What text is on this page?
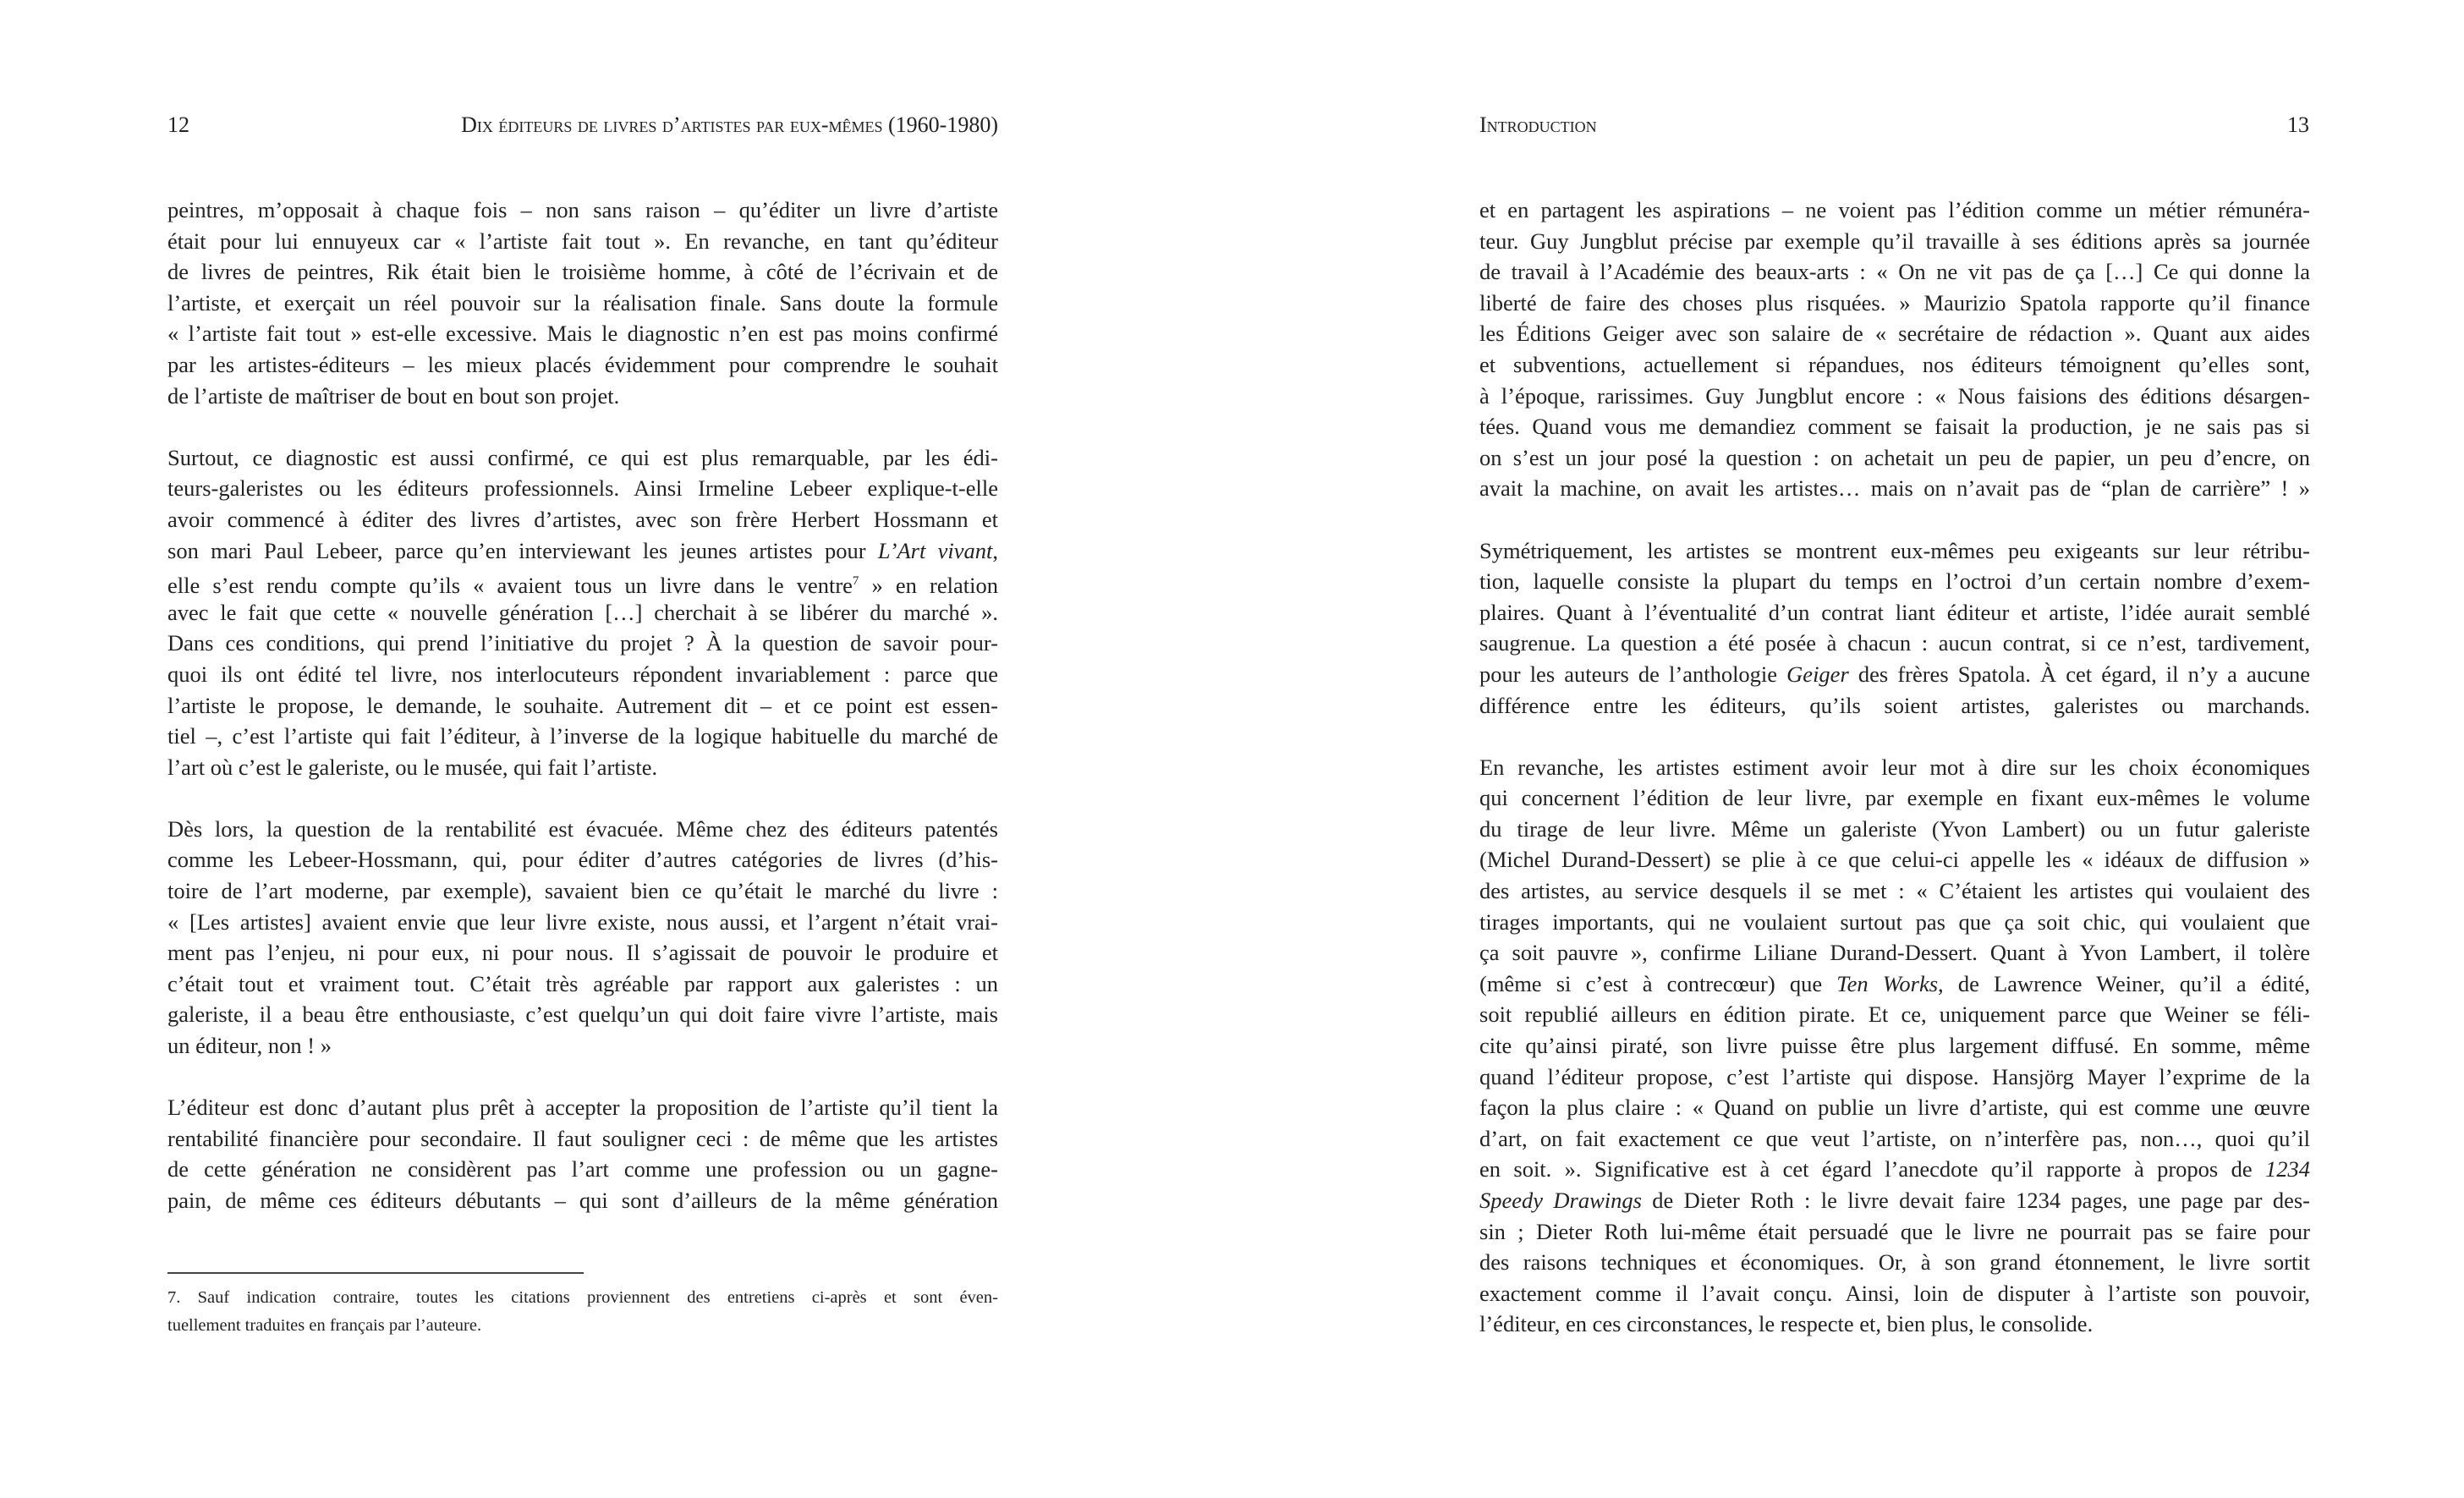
12	Dix éditeurs de livres d’artistes par eux-mêmes (1960-1980)
peintres, m’opposait à chaque fois – non sans raison – qu’éditer un livre d’artiste
était pour lui ennuyeux car « l’artiste fait tout ». En revanche, en tant qu’éditeur
de livres de peintres, Rik était bien le troisième homme, à côté de l’écrivain et de
l’artiste, et exerçait un réel pouvoir sur la réalisation finale. Sans doute la formule
« l’artiste fait tout » est-elle excessive. Mais le diagnostic n’en est pas moins confirmé
par les artistes-éditeurs – les mieux placés évidemment pour comprendre le souhait
de l’artiste de maîtriser de bout en bout son projet.
Surtout, ce diagnostic est aussi confirmé, ce qui est plus remarquable, par les édi-
teurs-galeristes ou les éditeurs professionnels. Ainsi Irmeline Lebeer explique-t-elle
avoir commencé à éditer des livres d’artistes, avec son frère Herbert Hossmann et
son mari Paul Lebeer, parce qu’en interviewant les jeunes artistes pour L’Art vivant,
elle s’est rendu compte qu’ils « avaient tous un livre dans le ventre$^7$ » en relation
avec le fait que cette « nouvelle génération […] cherchait à se libérer du marché ».
Dans ces conditions, qui prend l’initiative du projet ? À la question de savoir pour-
quoi ils ont édité tel livre, nos interlocuteurs répondent invariablement : parce que
l’artiste le propose, le demande, le souhaite. Autrement dit – et ce point est essen-
tiel –, c’est l’artiste qui fait l’éditeur, à l’inverse de la logique habituelle du marché de
l’art où c’est le galeriste, ou le musée, qui fait l’artiste.
Dès lors, la question de la rentabilité est évacuée. Même chez des éditeurs patentés
comme les Lebeer-Hossmann, qui, pour éditer d’autres catégories de livres (d’his-
toire de l’art moderne, par exemple), savaient bien ce qu’était le marché du livre :
« [Les artistes] avaient envie que leur livre existe, nous aussi, et l’argent n’était vrai-
ment pas l’enjeu, ni pour eux, ni pour nous. Il s’agissait de pouvoir le produire et
c’était tout et vraiment tout. C’était très agréable par rapport aux galeristes : un
galeriste, il a beau être enthousiaste, c’est quelqu’un qui doit faire vivre l’artiste, mais
un éditeur, non ! »
L’éditeur est donc d’autant plus prêt à accepter la proposition de l’artiste qu’il tient la
rentabilité financière pour secondaire. Il faut souligner ceci : de même que les artistes
de cette génération ne considèrent pas l’art comme une profession ou un gagne-
pain, de même ces éditeurs débutants – qui sont d’ailleurs de la même génération
7. Sauf indication contraire, toutes les citations proviennent des entretiens ci-après et sont éven-
tuellement traduites en français par l’auteure.
Introduction	13
et en partagent les aspirations – ne voient pas l’édition comme un métier rémunéra-
teur. Guy Jungblut précise par exemple qu’il travaille à ses éditions après sa journée
de travail à l’Académie des beaux-arts : « On ne vit pas de ça […] Ce qui donne la
liberté de faire des choses plus risquées. » Maurizio Spatola rapporte qu’il finance
les Éditions Geiger avec son salaire de « secrétaire de rédaction ». Quant aux aides
et subventions, actuellement si répandues, nos éditeurs témoignent qu’elles sont,
à l’époque, rarissimes. Guy Jungblut encore : « Nous faisions des éditions désargen-
tées. Quand vous me demandiez comment se faisait la production, je ne sais pas si
on s’est un jour posé la question : on achetait un peu de papier, un peu d’encre, on
avait la machine, on avait les artistes… mais on n’avait pas de “plan de carrière” ! »
Symétriquement, les artistes se montrent eux-mêmes peu exigeants sur leur rétribu-
tion, laquelle consiste la plupart du temps en l’octroi d’un certain nombre d’exem-
plaires. Quant à l’éventualité d’un contrat liant éditeur et artiste, l’idée aurait semblé
saugrenue. La question a été posée à chacun : aucun contrat, si ce n’est, tardivement,
pour les auteurs de l’anthologie Geiger des frères Spatola. À cet égard, il n’y a aucune
différence entre les éditeurs, qu’ils soient artistes, galeristes ou marchands.
En revanche, les artistes estiment avoir leur mot à dire sur les choix économiques
qui concernent l’édition de leur livre, par exemple en fixant eux-mêmes le volume
du tirage de leur livre. Même un galeriste (Yvon Lambert) ou un futur galeriste
(Michel Durand-Dessert) se plie à ce que celui-ci appelle les « idéaux de diffusion »
des artistes, au service desquels il se met : « C’étaient les artistes qui voulaient des
tirages importants, qui ne voulaient surtout pas que ça soit chic, qui voulaient que
ça soit pauvre », confirme Liliane Durand-Dessert. Quant à Yvon Lambert, il tolère
(même si c’est à contrecœur) que Ten Works, de Lawrence Weiner, qu’il a édité,
soit republié ailleurs en édition pirate. Et ce, uniquement parce que Weiner se féli-
cite qu’ainsi piraté, son livre puisse être plus largement diffusé. En somme, même
quand l’éditeur propose, c’est l’artiste qui dispose. Hansjörg Mayer l’exprime de la
façon la plus claire : « Quand on publie un livre d’artiste, qui est comme une œuvre
d’art, on fait exactement ce que veut l’artiste, on n’interfère pas, non…, quoi qu’il
en soit. ». Significative est à cet égard l’anecdote qu’il rapporte à propos de 1234
Speedy Drawings de Dieter Roth : le livre devait faire 1234 pages, une page par des-
sin ; Dieter Roth lui-même était persuadé que le livre ne pourrait pas se faire pour
des raisons techniques et économiques. Or, à son grand étonnement, le livre sortit
exactement comme il l’avait conçu. Ainsi, loin de disputer à l’artiste son pouvoir,
l’éditeur, en ces circonstances, le respecte et, bien plus, le consolide.
